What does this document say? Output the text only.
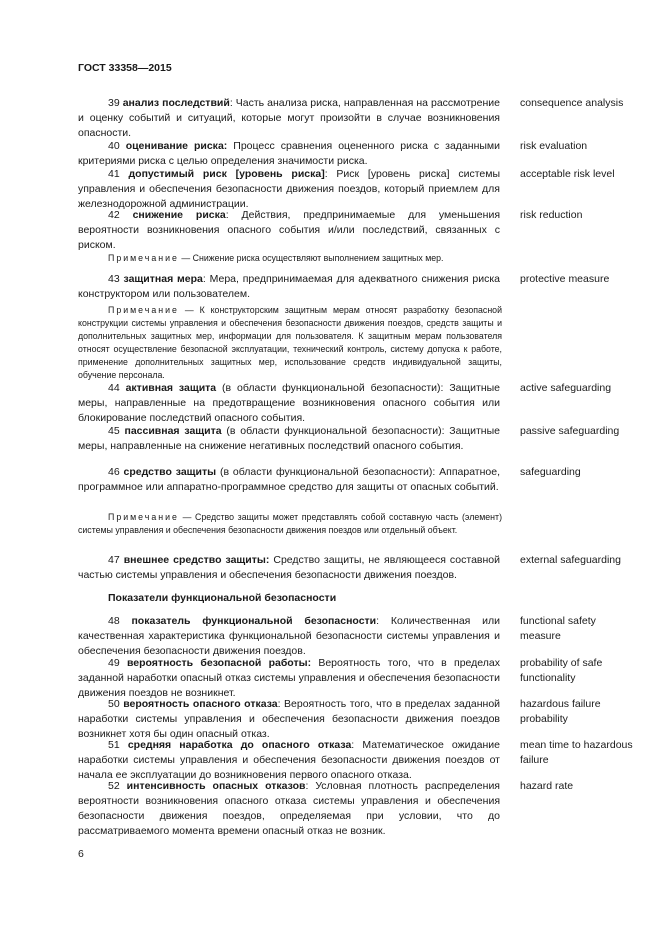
ГОСТ 33358—2015
39 анализ последствий: Часть анализа риска, направленная на рассмотрение и оценку событий и ситуаций, которые могут произойти в случае возникновения опасности.
consequence analysis
40 оценивание риска: Процесс сравнения оцененного риска с заданными критериями риска с целью определения значимости риска.
risk evaluation
41 допустимый риск [уровень риска]: Риск [уровень риска] системы управления и обеспечения безопасности движения поездов, который приемлем для железнодорожной администрации.
acceptable risk level
42 снижение риска: Действия, предпринимаемые для уменьшения вероятности возникновения опасного события и/или последствий, связанных с риском.
risk reduction
Примечание — Снижение риска осуществляют выполнением защитных мер.
43 защитная мера: Мера, предпринимаемая для адекватного снижения риска конструктором или пользователем.
protective measure
Примечание — К конструкторским защитным мерам относят разработку безопасной конструкции системы управления и обеспечения безопасности движения поездов, средств защиты и дополнительных защитных мер, информации для пользователя. К защитным мерам пользователя относят осуществление безопасной эксплуатации, технический контроль, систему допуска к работе, применение дополнительных защитных мер, использование средств индивидуальной защиты, обучение персонала.
44 активная защита (в области функциональной безопасности): Защитные меры, направленные на предотвращение возникновения опасного события или блокирование последствий опасного события.
active safeguarding
45 пассивная защита (в области функциональной безопасности): Защитные меры, направленные на снижение негативных последствий опасного события.
passive safeguarding
46 средство защиты (в области функциональной безопасности): Аппаратное, программное или аппаратно-программное средство для защиты от опасных событий.
safeguarding
Примечание — Средство защиты может представлять собой составную часть (элемент) системы управления и обеспечения безопасности движения поездов или отдельный объект.
47 внешнее средство защиты: Средство защиты, не являющееся составной частью системы управления и обеспечения безопасности движения поездов.
external safeguarding
Показатели функциональной безопасности
48 показатель функциональной безопасности: Количественная или качественная характеристика функциональной безопасности системы управления и обеспечения безопасности движения поездов.
functional safety measure
49 вероятность безопасной работы: Вероятность того, что в пределах заданной наработки опасный отказ системы управления и обеспечения безопасности движения поездов не возникнет.
probability of safe functionality
50 вероятность опасного отказа: Вероятность того, что в пределах заданной наработки системы управления и обеспечения безопасности движения поездов возникнет хотя бы один опасный отказ.
hazardous failure probability
51 средняя наработка до опасного отказа: Математическое ожидание наработки системы управления и обеспечения безопасности движения поездов от начала ее эксплуатации до возникновения первого опасного отказа.
mean time to hazardous failure
52 интенсивность опасных отказов: Условная плотность распределения вероятности возникновения опасного отказа системы управления и обеспечения безопасности движения поездов, определяемая при условии, что до рассматриваемого момента времени опасный отказ не возник.
hazard rate
6
